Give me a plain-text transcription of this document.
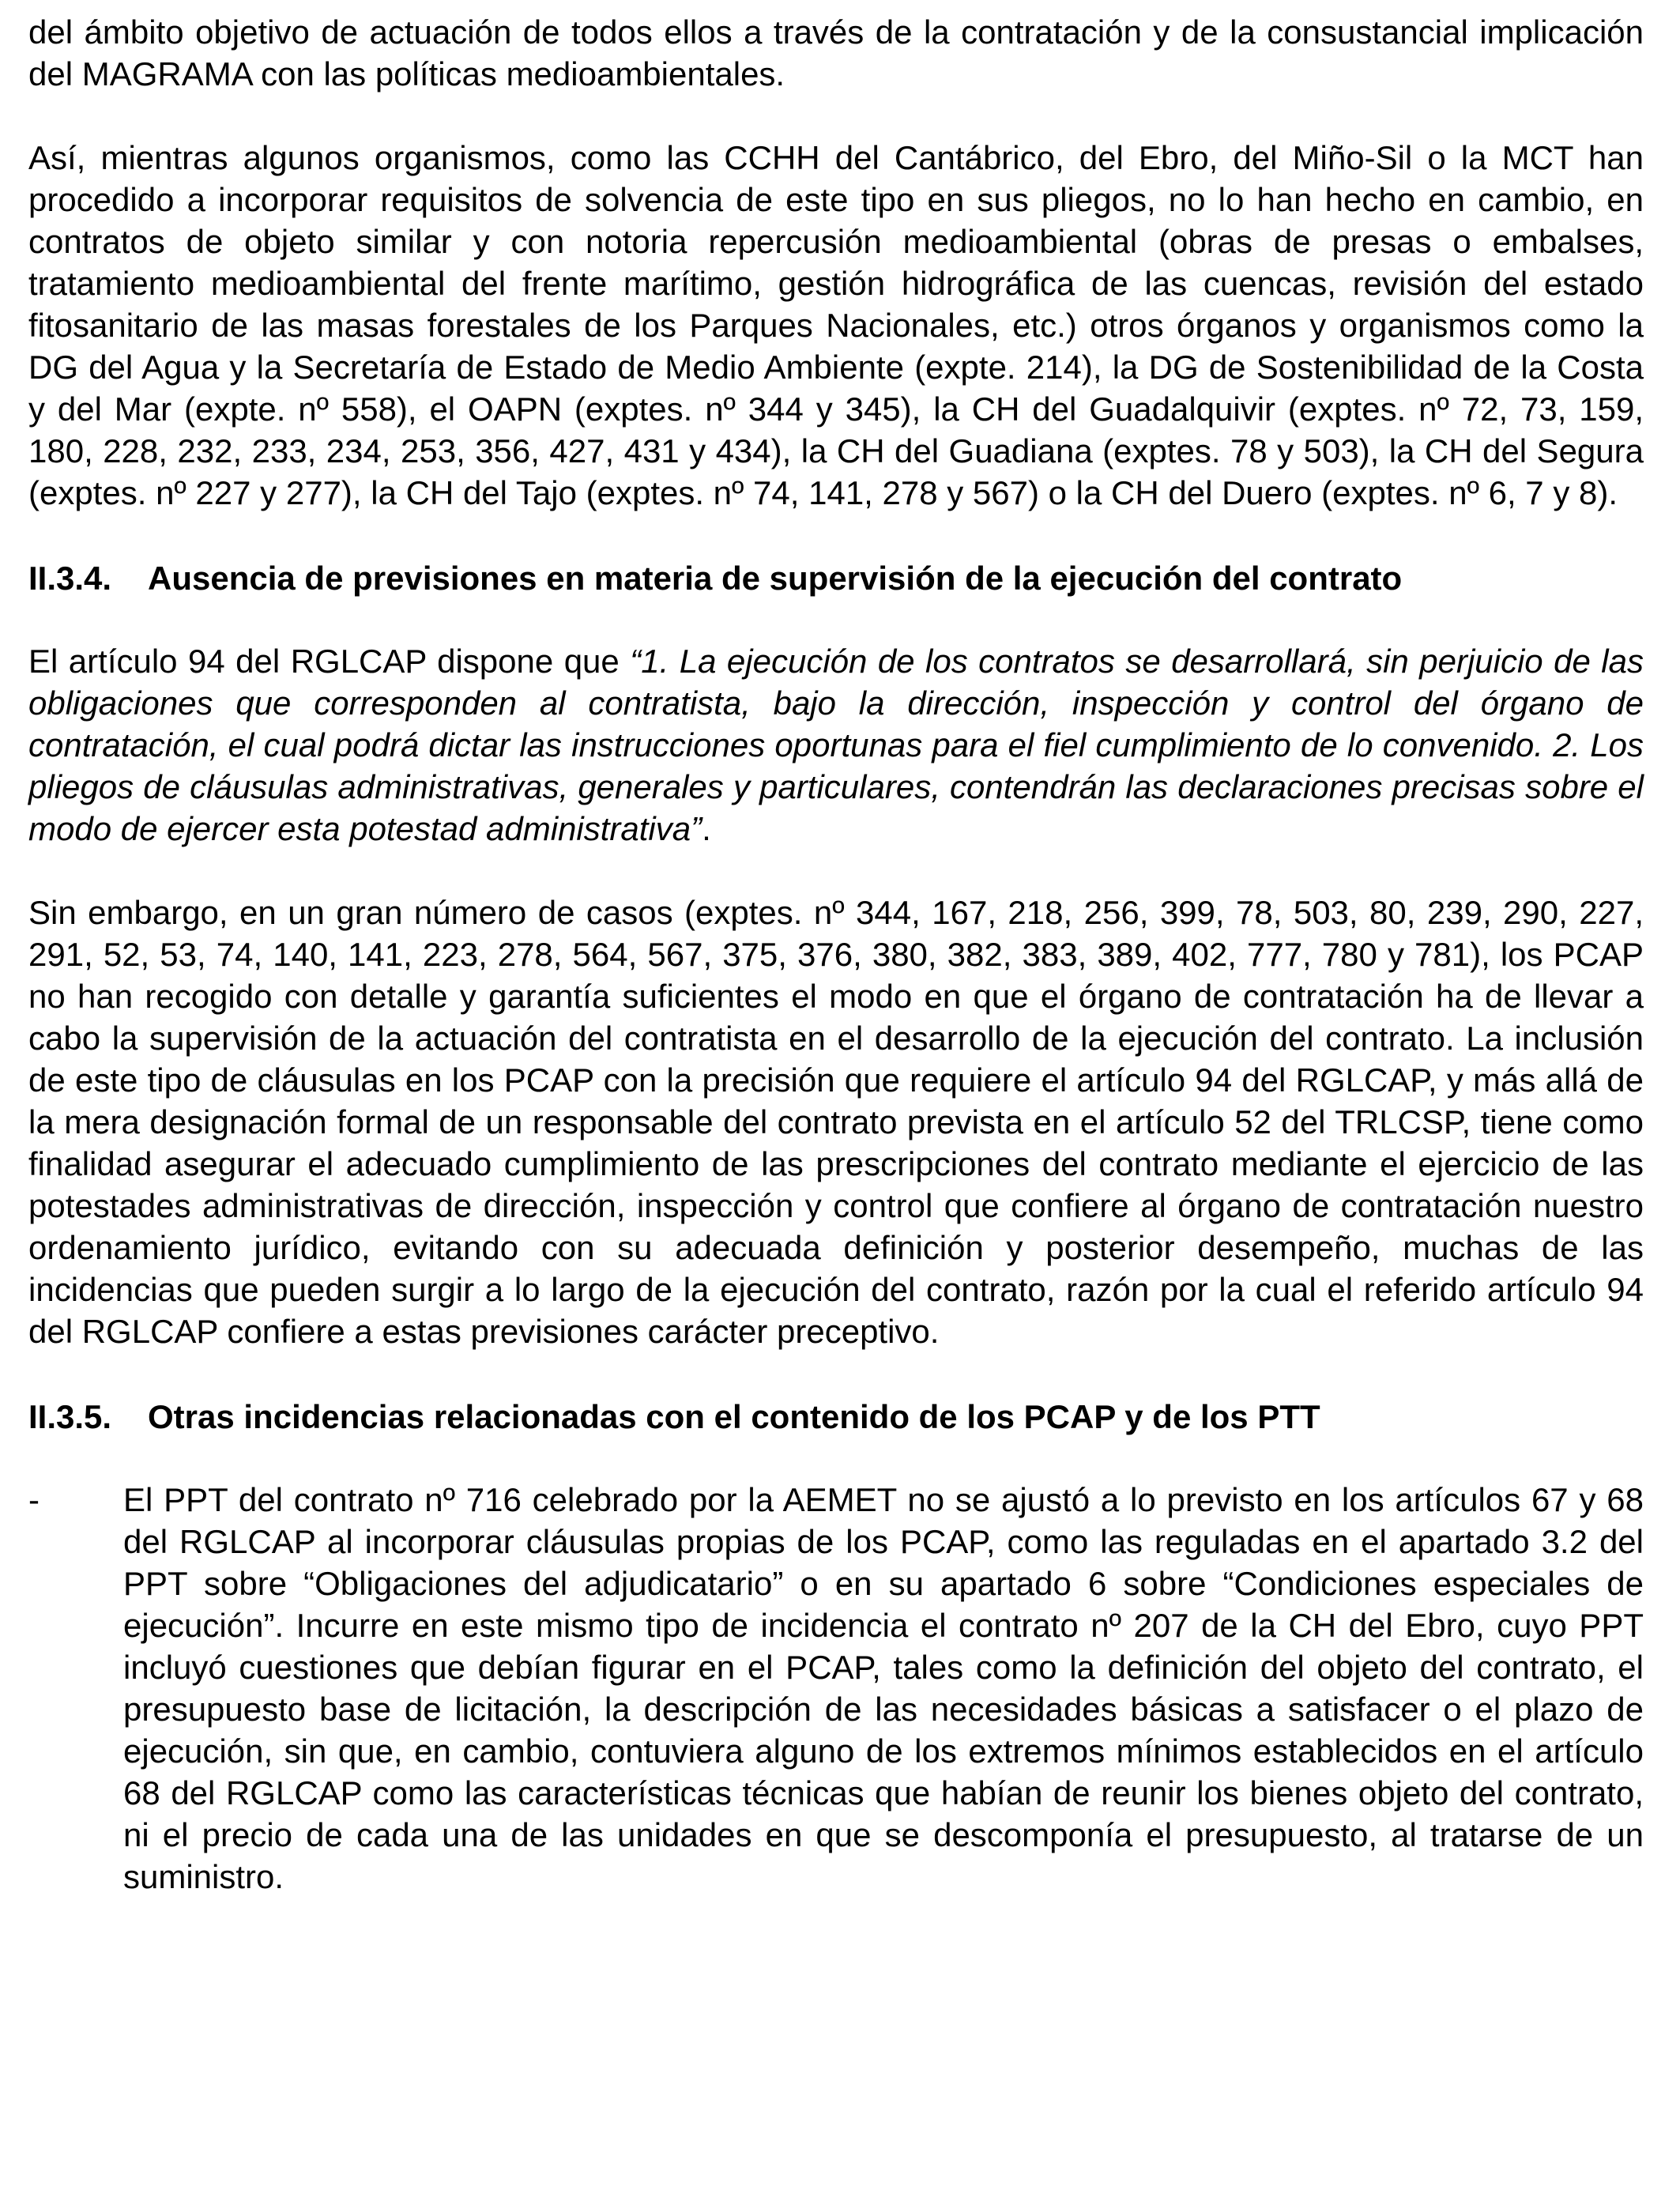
del ámbito objetivo de actuación de todos ellos a través de la contratación y de la consustancial implicación del MAGRAMA con las políticas medioambientales.

Así, mientras algunos organismos, como las CCHH del Cantábrico, del Ebro, del Miño-Sil o la MCT han procedido a incorporar requisitos de solvencia de este tipo en sus pliegos, no lo han hecho en cambio, en contratos de objeto similar y con notoria repercusión medioambiental (obras de presas o embalses, tratamiento medioambiental del frente marítimo, gestión hidrográfica de las cuencas, revisión del estado fitosanitario de las masas forestales de los Parques Nacionales, etc.) otros órganos y organismos como la DG del Agua y la Secretaría de Estado de Medio Ambiente (expte. 214), la DG de Sostenibilidad de la Costa y del Mar (expte. nº 558), el OAPN (exptes. nº 344 y 345), la CH del Guadalquivir (exptes. nº 72, 73, 159, 180, 228, 232, 233, 234, 253, 356, 427, 431 y 434), la CH del Guadiana (exptes. 78 y 503), la CH del Segura (exptes. nº 227 y 277), la CH del Tajo (exptes. nº 74, 141, 278 y 567) o la CH del Duero (exptes. nº 6, 7 y 8).

II.3.4.	Ausencia de previsiones en materia de supervisión de la ejecución del contrato

El artículo 94 del RGLCAP dispone que “1. La ejecución de los contratos se desarrollará, sin perjuicio de las obligaciones que corresponden al contratista, bajo la dirección, inspección y control del órgano de contratación, el cual podrá dictar las instrucciones oportunas para el fiel cumplimiento de lo convenido. 2. Los pliegos de cláusulas administrativas, generales y particulares, contendrán las declaraciones precisas sobre el modo de ejercer esta potestad administrativa”.

Sin embargo, en un gran número de casos (exptes. nº 344, 167, 218, 256, 399, 78, 503, 80, 239, 290, 227, 291, 52, 53, 74, 140, 141, 223, 278, 564, 567, 375, 376, 380, 382, 383, 389, 402, 777, 780 y 781), los PCAP no han recogido con detalle y garantía suficientes el modo en que el órgano de contratación ha de llevar a cabo la supervisión de la actuación del contratista en el desarrollo de la ejecución del contrato. La inclusión de este tipo de cláusulas en los PCAP con la precisión que requiere el artículo 94 del RGLCAP, y más allá de la mera designación formal de un responsable del contrato prevista en el artículo 52 del TRLCSP, tiene como finalidad asegurar el adecuado cumplimiento de las prescripciones del contrato mediante el ejercicio de las potestades administrativas de dirección, inspección y control que confiere al órgano de contratación nuestro ordenamiento jurídico, evitando con su adecuada definición y posterior desempeño, muchas de las incidencias que pueden surgir a lo largo de la ejecución del contrato, razón por la cual el referido artículo 94 del RGLCAP confiere a estas previsiones carácter preceptivo.

II.3.5.	Otras incidencias relacionadas con el contenido de los PCAP y de los PTT
-	El PPT del contrato nº 716 celebrado por la AEMET no se ajustó a lo previsto en los artículos 67 y 68 del RGLCAP al incorporar cláusulas propias de los PCAP, como las reguladas en el apartado 3.2 del PPT sobre “Obligaciones del adjudicatario” o en su apartado 6 sobre “Condiciones especiales de ejecución”. Incurre en este mismo tipo de incidencia el contrato nº 207 de la CH del Ebro, cuyo PPT incluyó cuestiones que debían figurar en el PCAP, tales como la definición del objeto del contrato, el presupuesto base de licitación, la descripción de las necesidades básicas a satisfacer o el plazo de ejecución, sin que, en cambio, contuviera alguno de los extremos mínimos establecidos en el artículo 68 del RGLCAP como las características técnicas que habían de reunir los bienes objeto del contrato, ni el precio de cada una de las unidades en que se descomponía el presupuesto, al tratarse de un suministro.
